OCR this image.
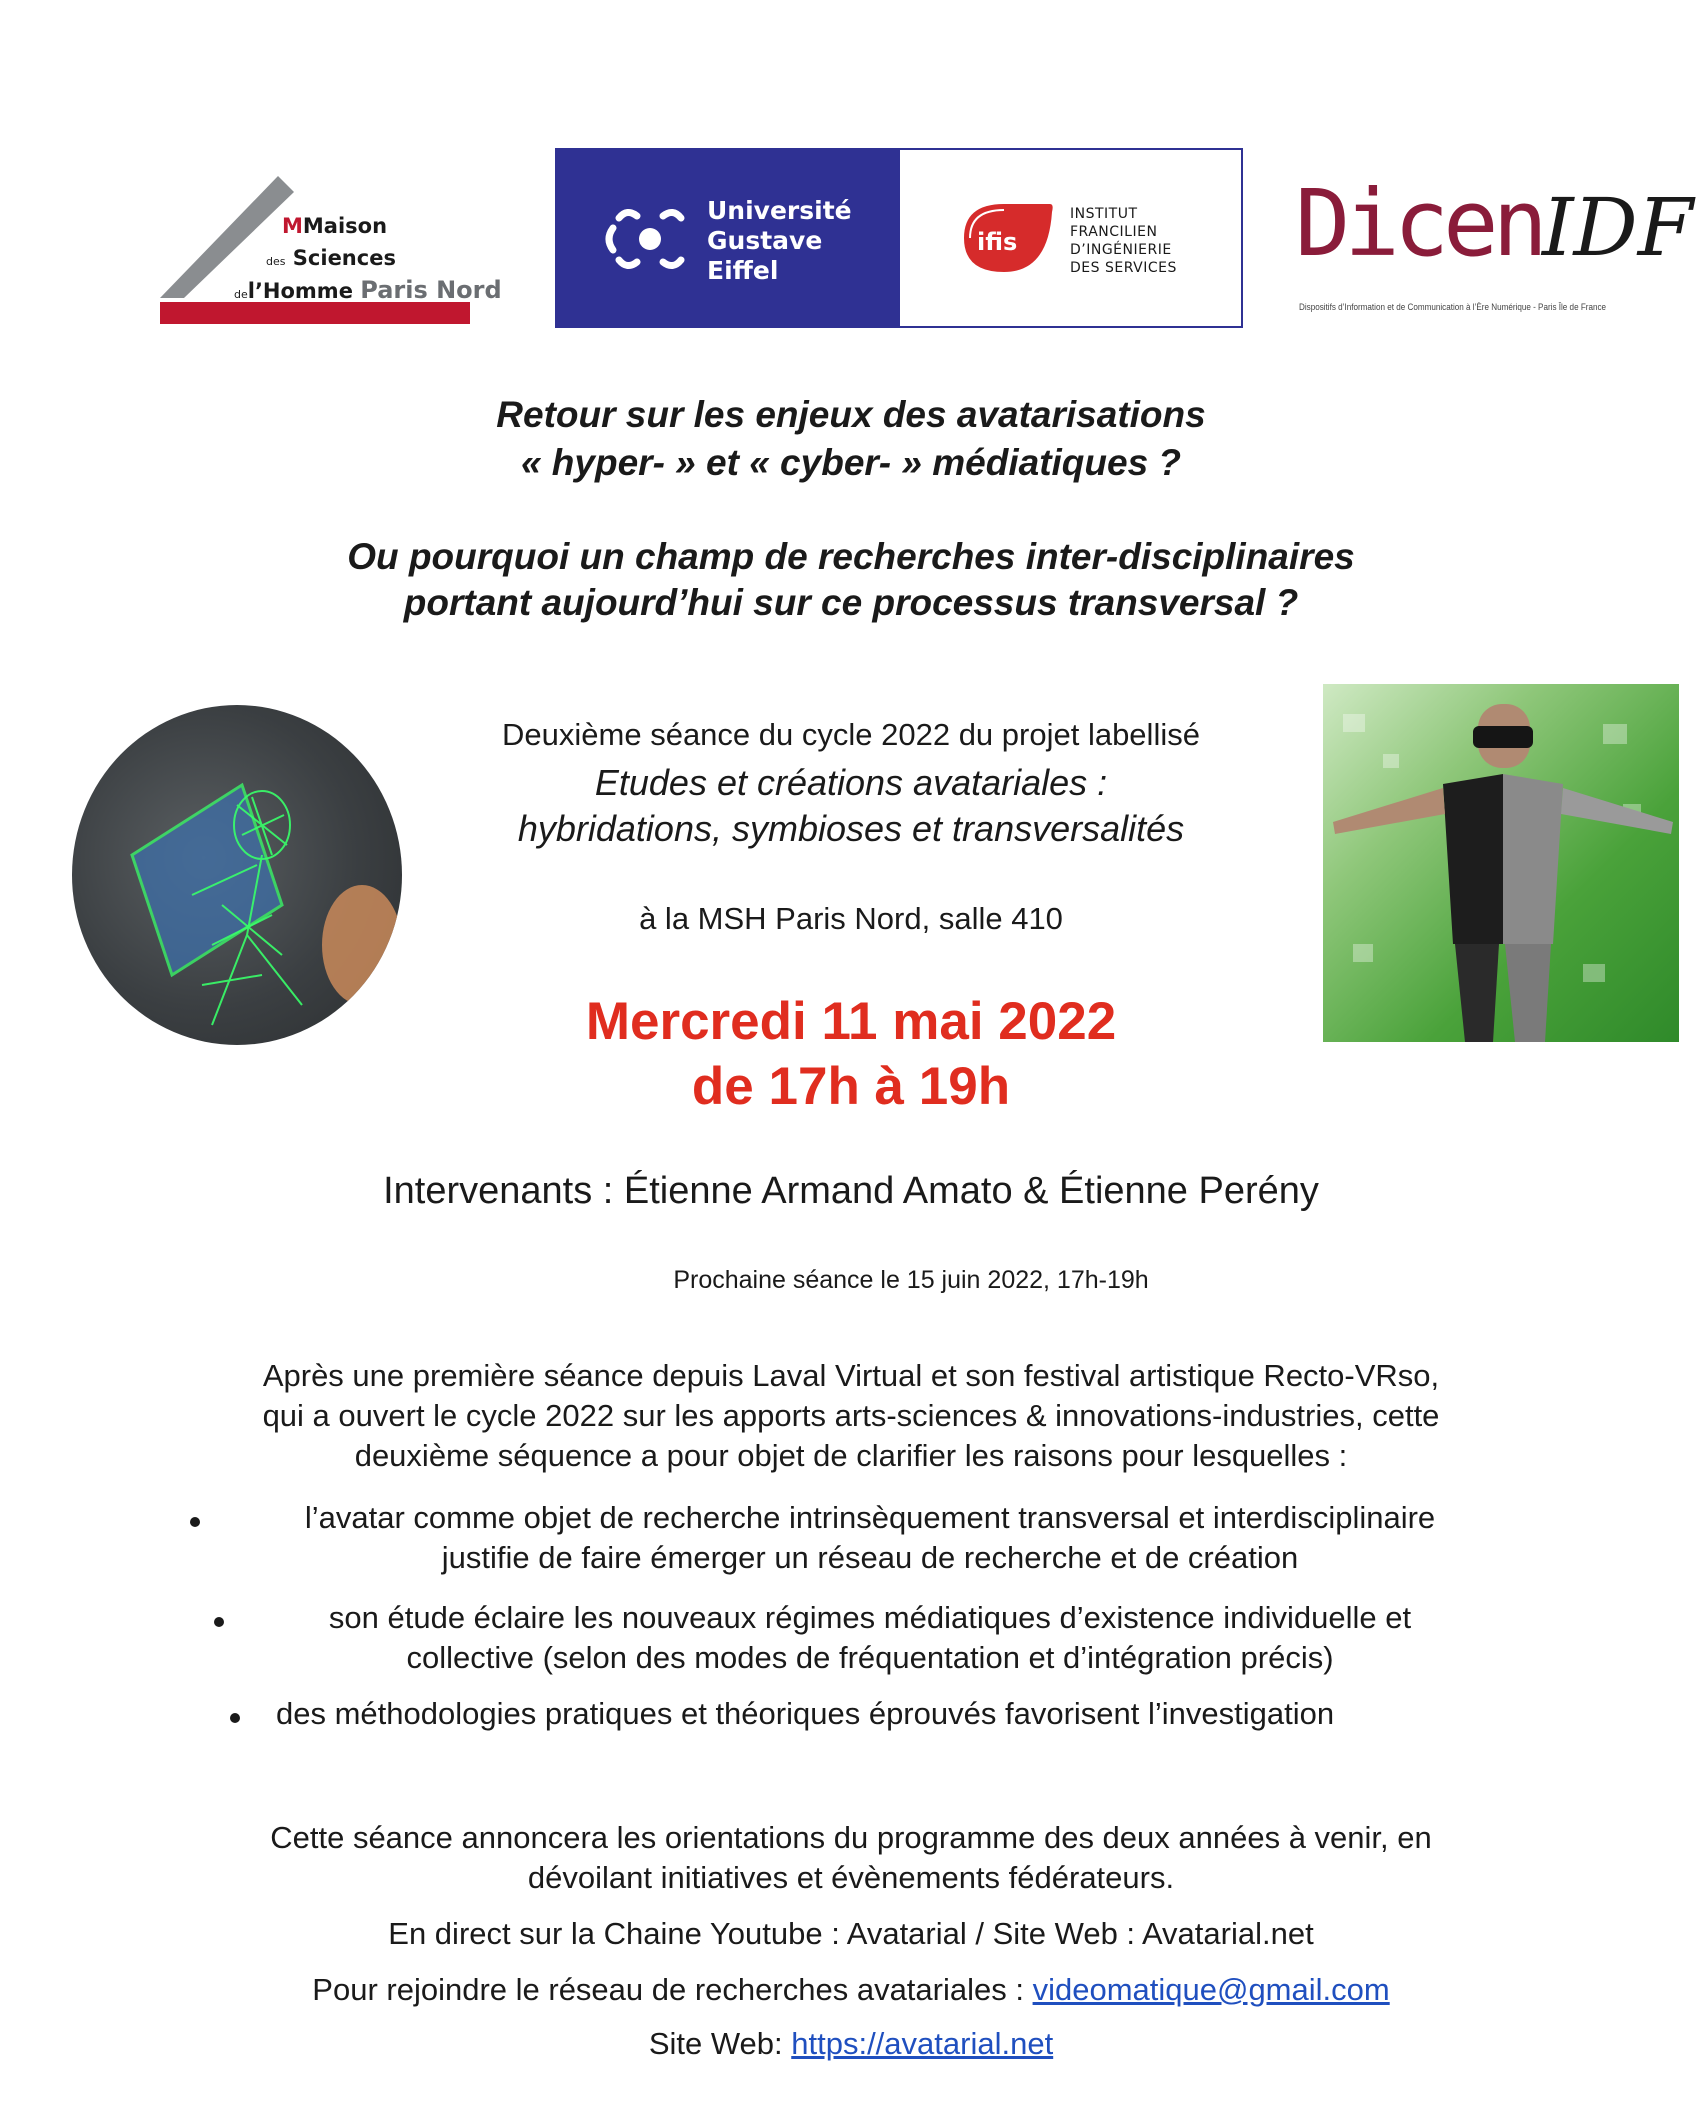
MMaison
des Sciences
del’Homme Paris Nord
Université
Gustave
Eiffel
ifis
INSTITUT
FRANCILIEN
D’INGÉNIERIE
DES SERVICES DicenIDF
Dispositifs d’Information et de Communication à l’Ère Numérique - Paris Île de France
Retour sur les enjeux des avatarisations
« hyper- » et « cyber- » médiatiques ?
Ou pourquoi un champ de recherches inter-disciplinaires
portant aujourd’hui sur ce processus transversal ?
Deuxième séance du cycle 2022 du projet labellisé
Etudes et créations avatariales :
hybridations, symbioses et transversalités
à la MSH Paris Nord, salle 410
Mercredi 11 mai 2022
de 17h à 19h
Intervenants : Étienne Armand Amato & Étienne Perény
Prochaine séance le 15 juin 2022, 17h-19h
Après une première séance depuis Laval Virtual et son festival artistique Recto-VRso,
qui a ouvert le cycle 2022 sur les apports arts-sciences & innovations-industries, cette
deuxième séquence a pour objet de clarifier les raisons pour lesquelles :
l’avatar comme objet de recherche intrinsèquement transversal et interdisciplinaire
justifie de faire émerger un réseau de recherche et de création
son étude éclaire les nouveaux régimes médiatiques d’existence individuelle et
collective (selon des modes de fréquentation et d’intégration précis)
des méthodologies pratiques et théoriques éprouvés favorisent l’investigation
Cette séance annoncera les orientations du programme des deux années à venir, en
dévoilant initiatives et évènements fédérateurs.
En direct sur la Chaine Youtube : Avatarial / Site Web : Avatarial.net
Pour rejoindre le réseau de recherches avatariales : videomatique@gmail.com
Site Web: https://avatarial.net
